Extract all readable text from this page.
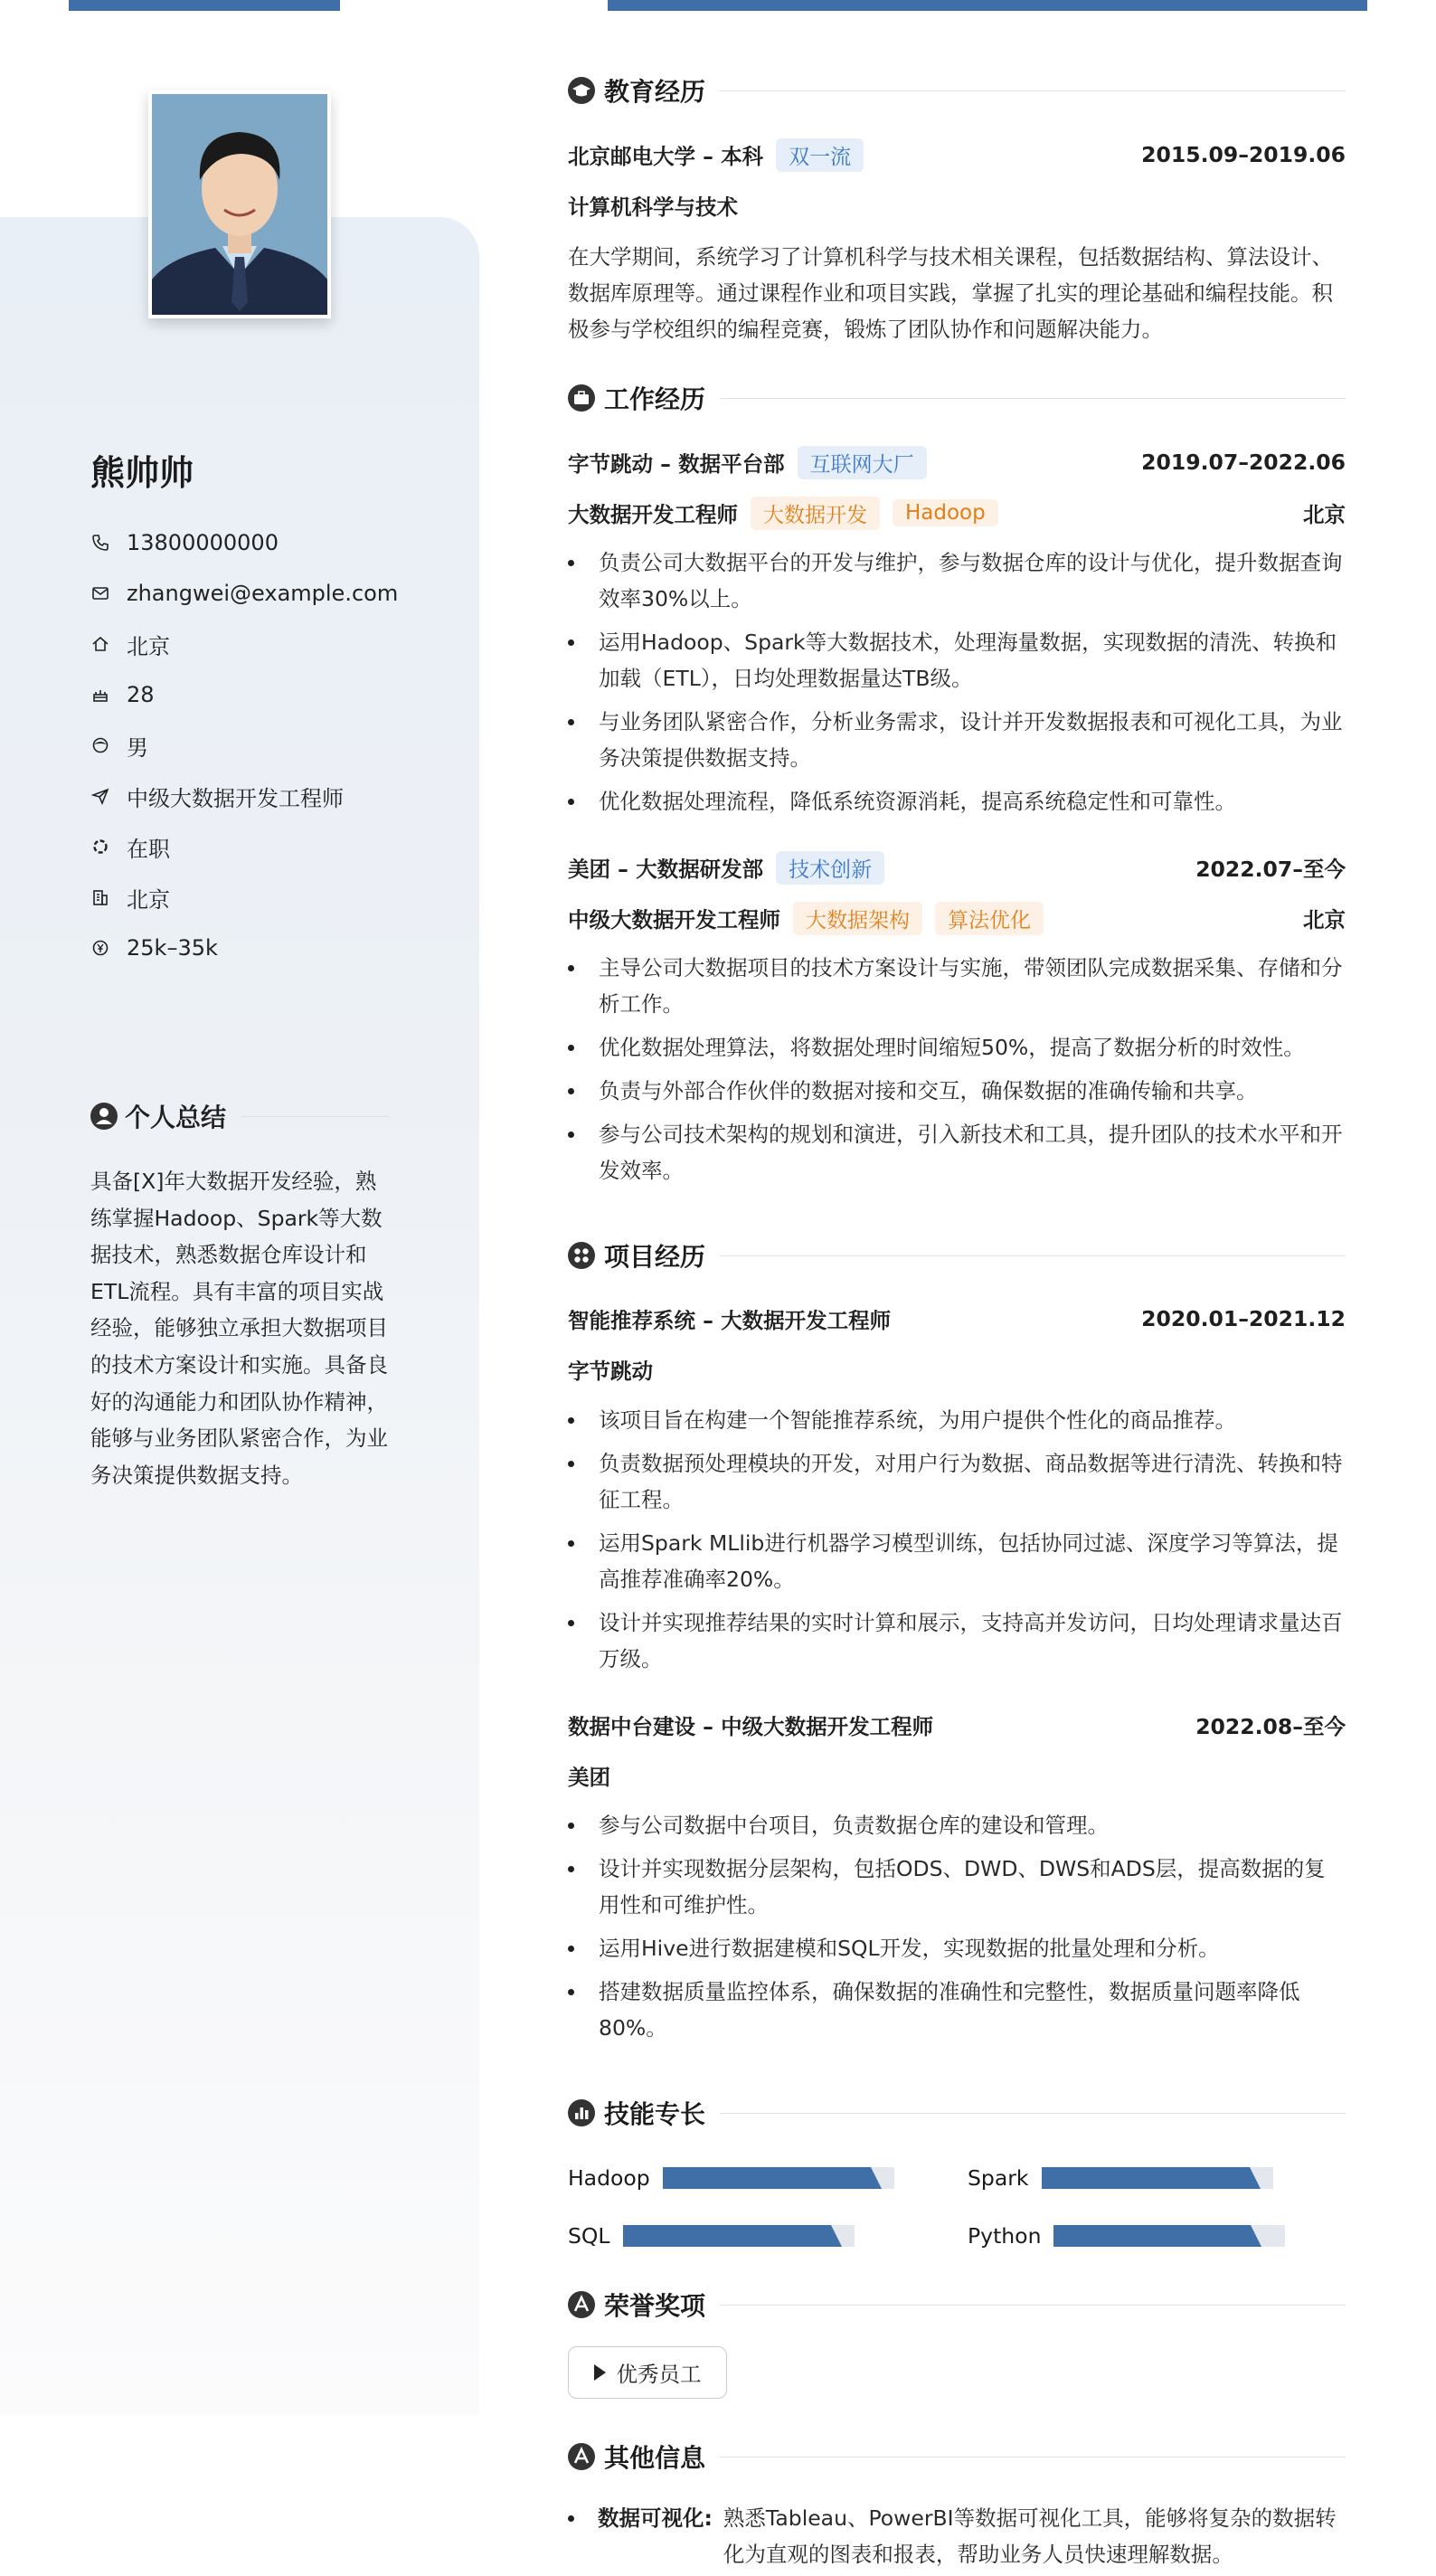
熊帅帅
13800000000
zhangwei@example.com
北京
28
男
中级大数据开发工程师
在职
北京
25k–35k
个人总结
具备[X]年大数据开发经验，熟练掌握Hadoop、Spark等大数据技术，熟悉数据仓库设计和ETL流程。具有丰富的项目实战经验，能够独立承担大数据项目的技术方案设计和实施。具备良好的沟通能力和团队协作精神，能够与业务团队紧密合作，为业务决策提供数据支持。
教育经历
北京邮电大学 – 本科	双一流	2015.09–2019.06
计算机科学与技术
在大学期间，系统学习了计算机科学与技术相关课程，包括数据结构、算法设计、数据库原理等。通过课程作业和项目实践，掌握了扎实的理论基础和编程技能。积极参与学校组织的编程竞赛，锻炼了团队协作和问题解决能力。
工作经历
字节跳动 – 数据平台部	互联网大厂	2019.07–2022.06
大数据开发工程师	大数据开发	Hadoop	北京
负责公司大数据平台的开发与维护，参与数据仓库的设计与优化，提升数据查询效率30%以上。
运用Hadoop、Spark等大数据技术，处理海量数据，实现数据的清洗、转换和加载（ETL），日均处理数据量达TB级。
与业务团队紧密合作，分析业务需求，设计并开发数据报表和可视化工具，为业务决策提供数据支持。
优化数据处理流程，降低系统资源消耗，提高系统稳定性和可靠性。
美团 – 大数据研发部	技术创新	2022.07–至今
中级大数据开发工程师	大数据架构	算法优化	北京
主导公司大数据项目的技术方案设计与实施，带领团队完成数据采集、存储和分析工作。
优化数据处理算法，将数据处理时间缩短50%，提高了数据分析的时效性。
负责与外部合作伙伴的数据对接和交互，确保数据的准确传输和共享。
参与公司技术架构的规划和演进，引入新技术和工具，提升团队的技术水平和开发效率。
项目经历
智能推荐系统 – 大数据开发工程师	2020.01–2021.12
字节跳动
该项目旨在构建一个智能推荐系统，为用户提供个性化的商品推荐。
负责数据预处理模块的开发，对用户行为数据、商品数据等进行清洗、转换和特征工程。
运用Spark MLlib进行机器学习模型训练，包括协同过滤、深度学习等算法，提高推荐准确率20%。
设计并实现推荐结果的实时计算和展示，支持高并发访问，日均处理请求量达百万级。
数据中台建设 – 中级大数据开发工程师	2022.08–至今
美团
参与公司数据中台项目，负责数据仓库的建设和管理。
设计并实现数据分层架构，包括ODS、DWD、DWS和ADS层，提高数据的复用性和可维护性。
运用Hive进行数据建模和SQL开发，实现数据的批量处理和分析。
搭建数据质量监控体系，确保数据的准确性和完整性，数据质量问题率降低80%。
技能专长
Hadoop	Spark
SQL	Python
荣誉奖项
优秀员工
其他信息
数据可视化: 熟悉Tableau、PowerBI等数据可视化工具，能够将复杂的数据转化为直观的图表和报表，帮助业务人员快速理解数据。
